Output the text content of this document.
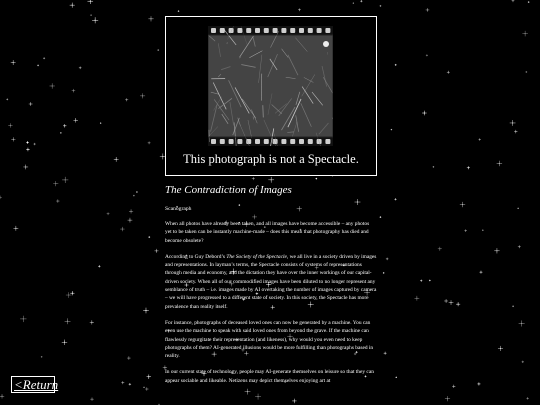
This photograph is not a Spectacle.
The Contradiction of Images
Scanograph

When all photos have already been taken, and all images have become accessible – any photos yet to be taken can be instantly machine-made – does this mean that photography has died and become obsolete?

According to Guy Debord’s The Society of the Spectacle, we all live in a society driven by images and representations. In layman’s terms, the Spectacle consists of systems of representations through media and economy, and the dictation they have over the inner workings of our capital-driven society. When all of our commodified images have been diluted to no longer represent any semblance of truth – i.e. images made by AI overtaking the number of images captured by camera – we will have progressed to a different state of society. In this society, the Spectacle has more prevalence than reality itself.

For instance, photographs of deceased loved ones can now be generated by a machine. You can even use the machine to speak with said loved ones from beyond the grave. If the machine can flawlessly regurgitate their representation (and likeness), why would you even need to keep photographs of them? AI-generated illusions would be more fulfilling than photographs based in reality.

In our current state of technology, people may AI-generate themselves on leisure so that they can appear sociable and likeable. Netizens may depict themselves enjoying art at

<Return
